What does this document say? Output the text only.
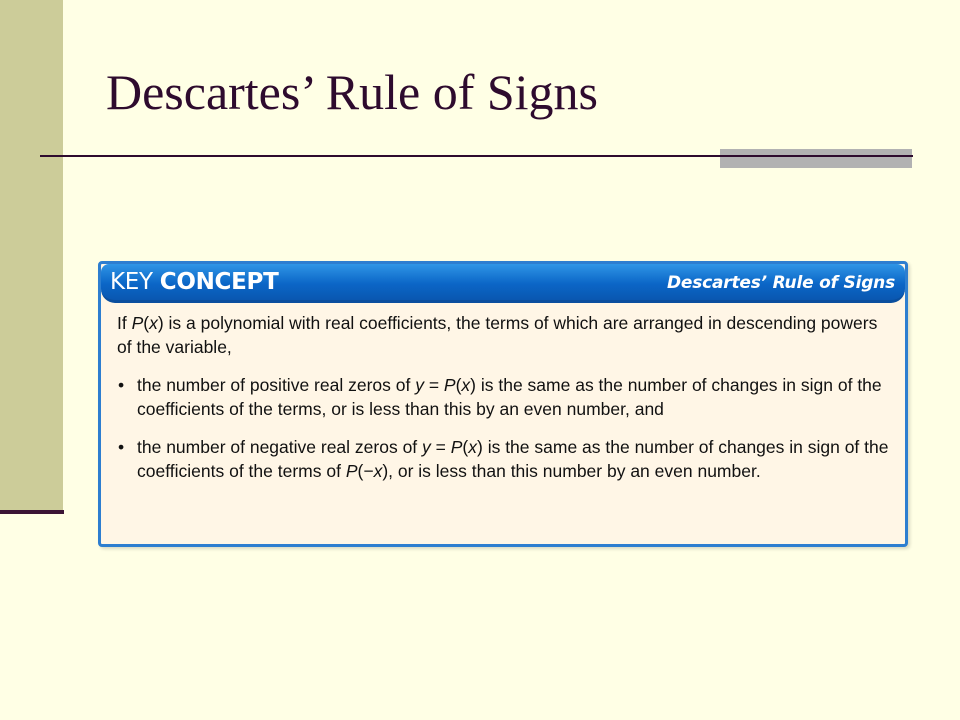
Descartes’ Rule of Signs

KEY CONCEPT	Descartes’ Rule of Signs

If P(x) is a polynomial with real coefficients, the terms of which are arranged in descending powers of the variable,

• the number of positive real zeros of y = P(x) is the same as the number of changes in sign of the coefficients of the terms, or is less than this by an even number, and
• the number of negative real zeros of y = P(x) is the same as the number of changes in sign of the coefficients of the terms of P(−x), or is less than this number by an even number.
